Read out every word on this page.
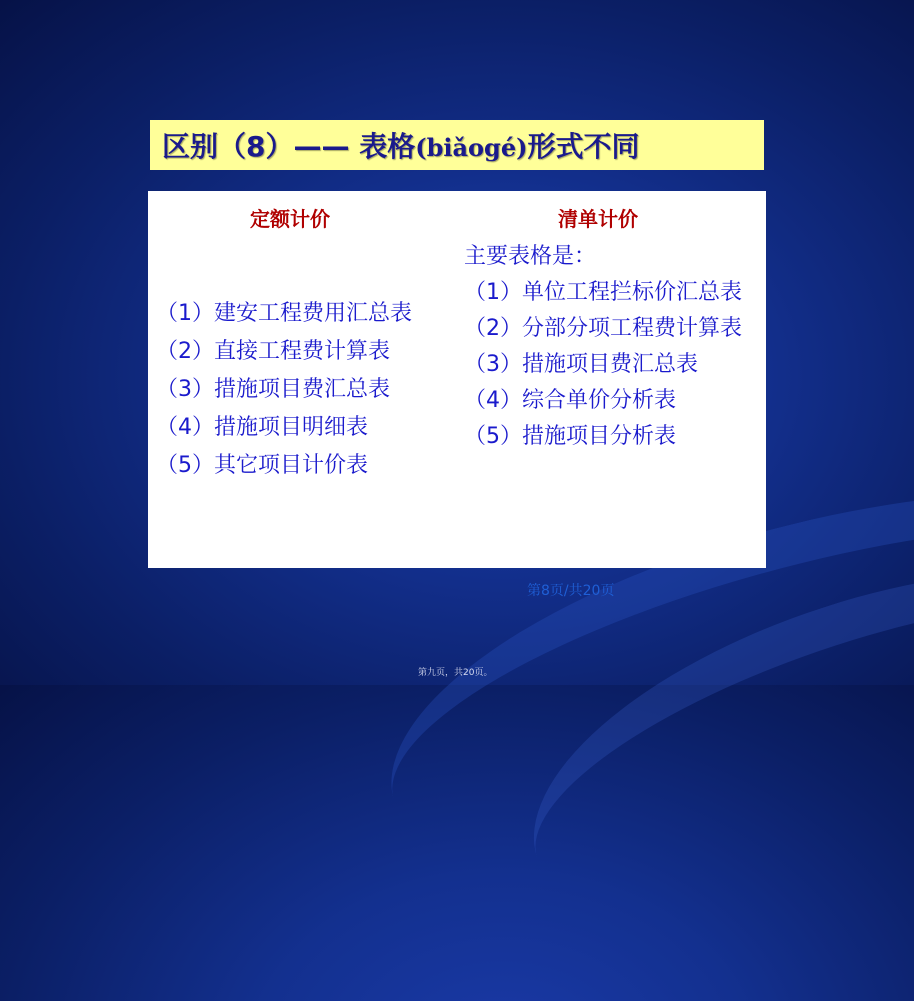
区别（8）—— 表格(biǎogé)形式不同
定额计价	清单计价
（1）建安工程费用汇总表
（2）直接工程费计算表
（3）措施项目费汇总表
（4）措施项目明细表
（5）其它项目计价表
主要表格是：
（1）单位工程拦标价汇总表
（2）分部分项工程费计算表
（3）措施项目费汇总表
（4）综合单价分析表
（5）措施项目分析表
第8页/共20页
第九页，共20页。
